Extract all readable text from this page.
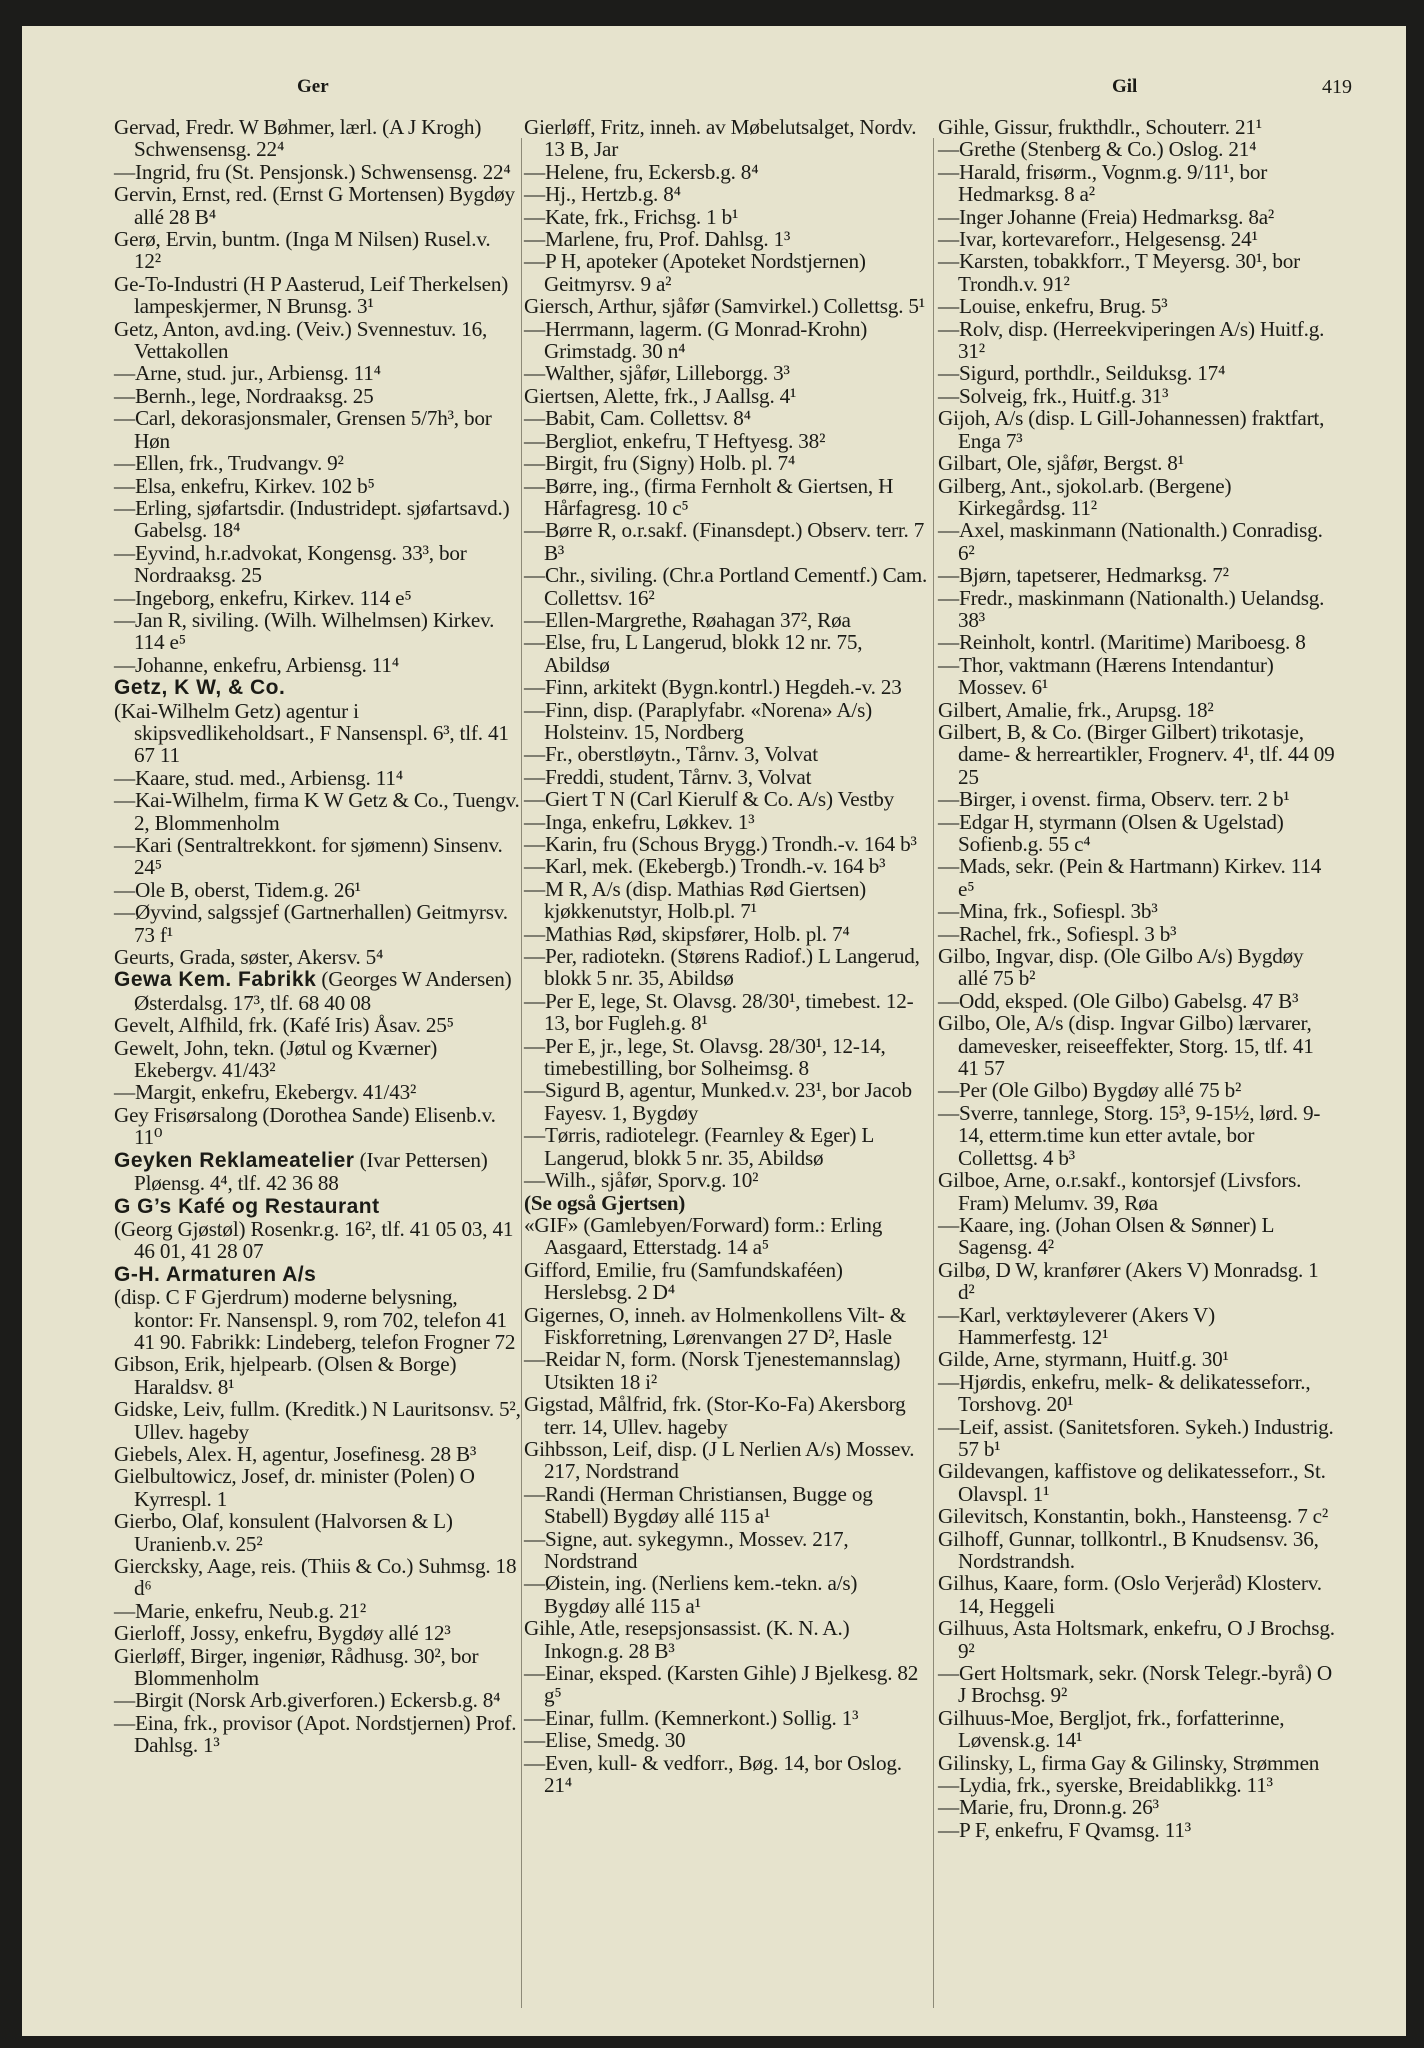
Ger	Gil	419

Gervad, Fredr. W Bøhmer, lærl. (A J Krogh) Schwensensg. 22⁴

—Ingrid, fru (St. Pensjonsk.) Schwensensg. 22⁴

Gervin, Ernst, red. (Ernst G Mortensen) Bygdøy allé 28 B⁴

Gerø, Ervin, buntm. (Inga M Nilsen) Rusel.v. 12²

Ge-To-Industri (H P Aasterud, Leif Therkelsen) lampeskjermer, N Brunsg. 3¹

Getz, Anton, avd.ing. (Veiv.) Svennestuv. 16, Vettakollen

—Arne, stud. jur., Arbiensg. 11⁴

—Bernh., lege, Nordraaksg. 25

—Carl, dekorasjonsmaler, Grensen 5/7h³, bor Høn

—Ellen, frk., Trudvangv. 9²

—Elsa, enkefru, Kirkev. 102 b⁵

—Erling, sjøfartsdir. (Industridept. sjøfartsavd.) Gabelsg. 18⁴

—Eyvind, h.r.advokat, Kongensg. 33³, bor Nordraaksg. 25

—Ingeborg, enkefru, Kirkev. 114 e⁵

—Jan R, siviling. (Wilh. Wilhelmsen) Kirkev. 114 e⁵

—Johanne, enkefru, Arbiensg. 11⁴

Getz, K W, & Co.

(Kai-Wilhelm Getz) agentur i skipsvedlikeholdsart., F Nansenspl. 6³, tlf. 41 67 11

—Kaare, stud. med., Arbiensg. 11⁴

—Kai-Wilhelm, firma K W Getz & Co., Tuengv. 2, Blommenholm

—Kari (Sentraltrekkont. for sjømenn) Sinsenv. 24⁵

—Ole B, oberst, Tidem.g. 26¹

—Øyvind, salgssjef (Gartnerhallen) Geitmyrsv. 73 f¹

Geurts, Grada, søster, Akersv. 5⁴

Gewa Kem. Fabrikk (Georges W Andersen) Østerdalsg. 17³, tlf. 68 40 08

Gevelt, Alfhild, frk. (Kafé Iris) Åsav. 25⁵

Gewelt, John, tekn. (Jøtul og Kværner) Ekebergv. 41/43²

—Margit, enkefru, Ekebergv. 41/43²

Gey Frisørsalong (Dorothea Sande) Elisenb.v. 11⁰

Geyken Reklameatelier (Ivar Pettersen) Pløensg. 4⁴, tlf. 42 36 88

G G’s Kafé og Restaurant

(Georg Gjøstøl) Rosenkr.g. 16², tlf. 41 05 03, 41 46 01, 41 28 07

G-H. Armaturen A/s

(disp. C F Gjerdrum) moderne belysning, kontor: Fr. Nansenspl. 9, rom 702, telefon 41 41 90. Fabrikk: Lindeberg, telefon Frogner 72

Gibson, Erik, hjelpearb. (Olsen & Borge) Haraldsv. 8¹

Gidske, Leiv, fullm. (Kreditk.) N Lauritsonsv. 5², Ullev. hageby

Giebels, Alex. H, agentur, Josefinesg. 28 B³

Gielbultowicz, Josef, dr. minister (Polen) O Kyrrespl. 1

Gierbo, Olaf, konsulent (Halvorsen & L) Uranienb.v. 25²

Giercksky, Aage, reis. (Thiis & Co.) Suhmsg. 18 d⁶

—Marie, enkefru, Neub.g. 21²

Gierloff, Jossy, enkefru, Bygdøy allé 12³

Gierløff, Birger, ingeniør, Rådhusg. 30², bor Blommenholm

—Birgit (Norsk Arb.giverforen.) Eckersb.g. 8⁴

—Eina, frk., provisor (Apot. Nordstjernen) Prof. Dahlsg. 1³

Gierløff, Fritz, inneh. av Møbelutsalget, Nordv. 13 B, Jar

—Helene, fru, Eckersb.g. 8⁴

—Hj., Hertzb.g. 8⁴

—Kate, frk., Frichsg. 1 b¹

—Marlene, fru, Prof. Dahlsg. 1³

—P H, apoteker (Apoteket Nordstjernen) Geitmyrsv. 9 a²

Giersch, Arthur, sjåfør (Samvirkel.) Collettsg. 5¹

—Herrmann, lagerm. (G Monrad-Krohn) Grimstadg. 30 n⁴

—Walther, sjåfør, Lilleborgg. 3³

Giertsen, Alette, frk., J Aallsg. 4¹

—Babit, Cam. Collettsv. 8⁴

—Bergliot, enkefru, T Heftyesg. 38²

—Birgit, fru (Signy) Holb. pl. 7⁴

—Børre, ing., (firma Fernholt & Giertsen, H Hårfagresg. 10 c⁵

—Børre R, o.r.sakf. (Finansdept.) Observ. terr. 7 B³

—Chr., siviling. (Chr.a Portland Cementf.) Cam. Collettsv. 16²

—Ellen-Margrethe, Røahagan 37², Røa

—Else, fru, L Langerud, blokk 12 nr. 75, Abildsø

—Finn, arkitekt (Bygn.kontrl.) Hegdeh.-v. 23

—Finn, disp. (Paraplyfabr. «Norena» A/s) Holsteinv. 15, Nordberg

—Fr., oberstløytn., Tårnv. 3, Volvat

—Freddi, student, Tårnv. 3, Volvat

—Giert T N (Carl Kierulf & Co. A/s) Vestby

—Inga, enkefru, Løkkev. 1³

—Karin, fru (Schous Brygg.) Trondh.-v. 164 b³

—Karl, mek. (Ekebergb.) Trondh.-v. 164 b³

—M R, A/s (disp. Mathias Rød Giertsen) kjøkkenutstyr, Holb.pl. 7¹

—Mathias Rød, skipsfører, Holb. pl. 7⁴

—Per, radiotekn. (Størens Radiof.) L Langerud, blokk 5 nr. 35, Abildsø

—Per E, lege, St. Olavsg. 28/30¹, timebest. 12-13, bor Fugleh.g. 8¹

—Per E, jr., lege, St. Olavsg. 28/30¹, 12-14, timebestilling, bor Solheimsg. 8

—Sigurd B, agentur, Munked.v. 23¹, bor Jacob Fayesv. 1, Bygdøy

—Tørris, radiotelegr. (Fearnley & Eger) L Langerud, blokk 5 nr. 35, Abildsø

—Wilh., sjåfør, Sporv.g. 10²

(Se også Gjertsen)

«GIF» (Gamlebyen/Forward) form.: Erling Aasgaard, Etterstadg. 14 a⁵

Gifford, Emilie, fru (Samfundskaféen) Herslebsg. 2 D⁴

Gigernes, O, inneh. av Holmenkollens Vilt- & Fiskforretning, Lørenvangen 27 D², Hasle

—Reidar N, form. (Norsk Tjenestemannslag) Utsikten 18 i²

Gigstad, Målfrid, frk. (Stor-Ko-Fa) Akersborg terr. 14, Ullev. hageby

Gihbsson, Leif, disp. (J L Nerlien A/s) Mossev. 217, Nordstrand

—Randi (Herman Christiansen, Bugge og Stabell) Bygdøy allé 115 a¹

—Signe, aut. sykegymn., Mossev. 217, Nordstrand

—Øistein, ing. (Nerliens kem.-tekn. a/s) Bygdøy allé 115 a¹

Gihle, Atle, resepsjonsassist. (K. N. A.) Inkogn.g. 28 B³

—Einar, eksped. (Karsten Gihle) J Bjelkesg. 82 g⁵

—Einar, fullm. (Kemnerkont.) Sollig. 1³

—Elise, Smedg. 30

—Even, kull- & vedforr., Bøg. 14, bor Oslog. 21⁴

Gihle, Gissur, frukthdlr., Schouterr. 21¹

—Grethe (Stenberg & Co.) Oslog. 21⁴

—Harald, frisørm., Vognm.g. 9/11¹, bor Hedmarksg. 8 a²

—Inger Johanne (Freia) Hedmarksg. 8a²

—Ivar, kortevareforr., Helgesensg. 24¹

—Karsten, tobakkforr., T Meyersg. 30¹, bor Trondh.v. 91²

—Louise, enkefru, Brug. 5³

—Rolv, disp. (Herreekviperingen A/s) Huitf.g. 31²

—Sigurd, porthdlr., Seilduksg. 17⁴

—Solveig, frk., Huitf.g. 31³

Gijoh, A/s (disp. L Gill-Johannessen) fraktfart, Enga 7³

Gilbart, Ole, sjåfør, Bergst. 8¹

Gilberg, Ant., sjokol.arb. (Bergene) Kirkegårdsg. 11²

—Axel, maskinmann (Nationalth.) Conradisg. 6²

—Bjørn, tapetserer, Hedmarksg. 7²

—Fredr., maskinmann (Nationalth.) Uelandsg. 38³

—Reinholt, kontrl. (Maritime) Mariboesg. 8

—Thor, vaktmann (Hærens Intendantur) Mossev. 6¹

Gilbert, Amalie, frk., Arupsg. 18²

Gilbert, B, & Co. (Birger Gilbert) trikotasje, dame- & herreartikler, Frognerv. 4¹, tlf. 44 09 25

—Birger, i ovenst. firma, Observ. terr. 2 b¹

—Edgar H, styrmann (Olsen & Ugelstad) Sofienb.g. 55 c⁴

—Mads, sekr. (Pein & Hartmann) Kirkev. 114 e⁵

—Mina, frk., Sofiespl. 3b³

—Rachel, frk., Sofiespl. 3 b³

Gilbo, Ingvar, disp. (Ole Gilbo A/s) Bygdøy allé 75 b²

—Odd, eksped. (Ole Gilbo) Gabelsg. 47 B³

Gilbo, Ole, A/s (disp. Ingvar Gilbo) lærvarer, damevesker, reiseeffekter, Storg. 15, tlf. 41 41 57

—Per (Ole Gilbo) Bygdøy allé 75 b²

—Sverre, tannlege, Storg. 15³, 9-15½, lørd. 9-14, etterm.time kun etter avtale, bor Collettsg. 4 b³

Gilboe, Arne, o.r.sakf., kontorsjef (Livsfors. Fram) Melumv. 39, Røa

—Kaare, ing. (Johan Olsen & Sønner) L Sagensg. 4²

Gilbø, D W, kranfører (Akers V) Monradsg. 1 d²

—Karl, verktøyleverer (Akers V) Hammerfestg. 12¹

Gilde, Arne, styrmann, Huitf.g. 30¹

—Hjørdis, enkefru, melk- & delikatesseforr., Torshovg. 20¹

—Leif, assist. (Sanitetsforen. Sykeh.) Industrig. 57 b¹

Gildevangen, kaffistove og delikatesseforr., St. Olavspl. 1¹

Gilevitsch, Konstantin, bokh., Hanstеensg. 7 c²

Gilhoff, Gunnar, tollkontrl., B Knudsensv. 36, Nordstrandsh.

Gilhus, Kaare, form. (Oslo Verjeråd) Klosterv. 14, Heggeli

Gilhuus, Asta Holtsmark, enkefru, O J Brochsg. 9²

—Gert Holtsmark, sekr. (Norsk Telegr.-byrå) O J Brochsg. 9²

Gilhuus-Moe, Bergljot, frk., forfatterinne, Løvensk.g. 14¹

Gilinsky, L, firma Gay & Gilinsky, Strømmen

—Lydia, frk., syerske, Breidablikkg. 11³

—Marie, fru, Dronn.g. 26³

—P F, enkefru, F Qvamsg. 11³
